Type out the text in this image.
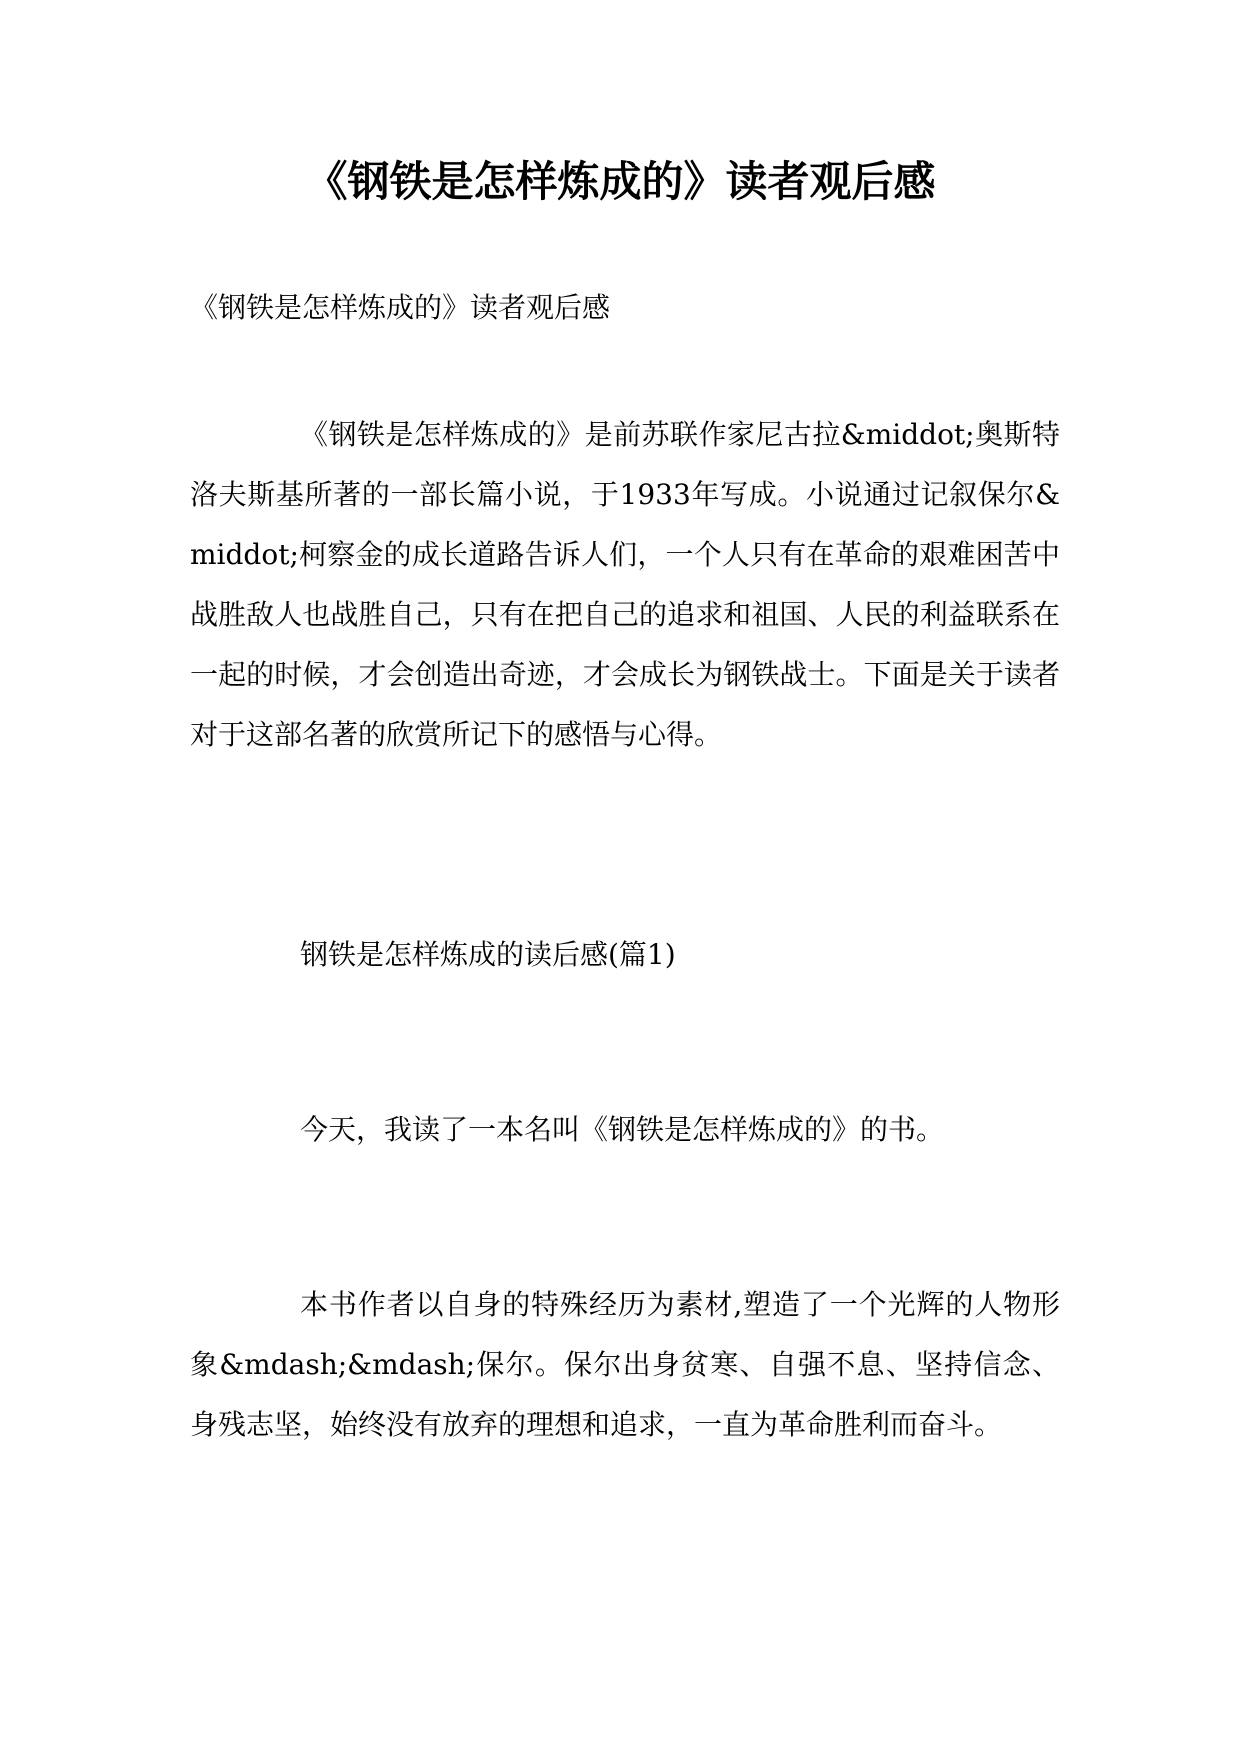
《钢铁是怎样炼成的》读者观后感

《钢铁是怎样炼成的》读者观后感

《钢铁是怎样炼成的》是前苏联作家尼古拉&middot;奥斯特洛夫斯基所著的一部长篇小说，于1933年写成。小说通过记叙保尔&middot;柯察金的成长道路告诉人们，一个人只有在革命的艰难困苦中战胜敌人也战胜自己，只有在把自己的追求和祖国、人民的利益联系在一起的时候，才会创造出奇迹，才会成长为钢铁战士。下面是关于读者对于这部名著的欣赏所记下的感悟与心得。

钢铁是怎样炼成的读后感(篇1)

今天，我读了一本名叫《钢铁是怎样炼成的》的书。

本书作者以自身的特殊经历为素材,塑造了一个光辉的人物形象&mdash;&mdash;保尔。保尔出身贫寒、自强不息、坚持信念、身残志坚，始终没有放弃的理想和追求，一直为革命胜利而奋斗。
